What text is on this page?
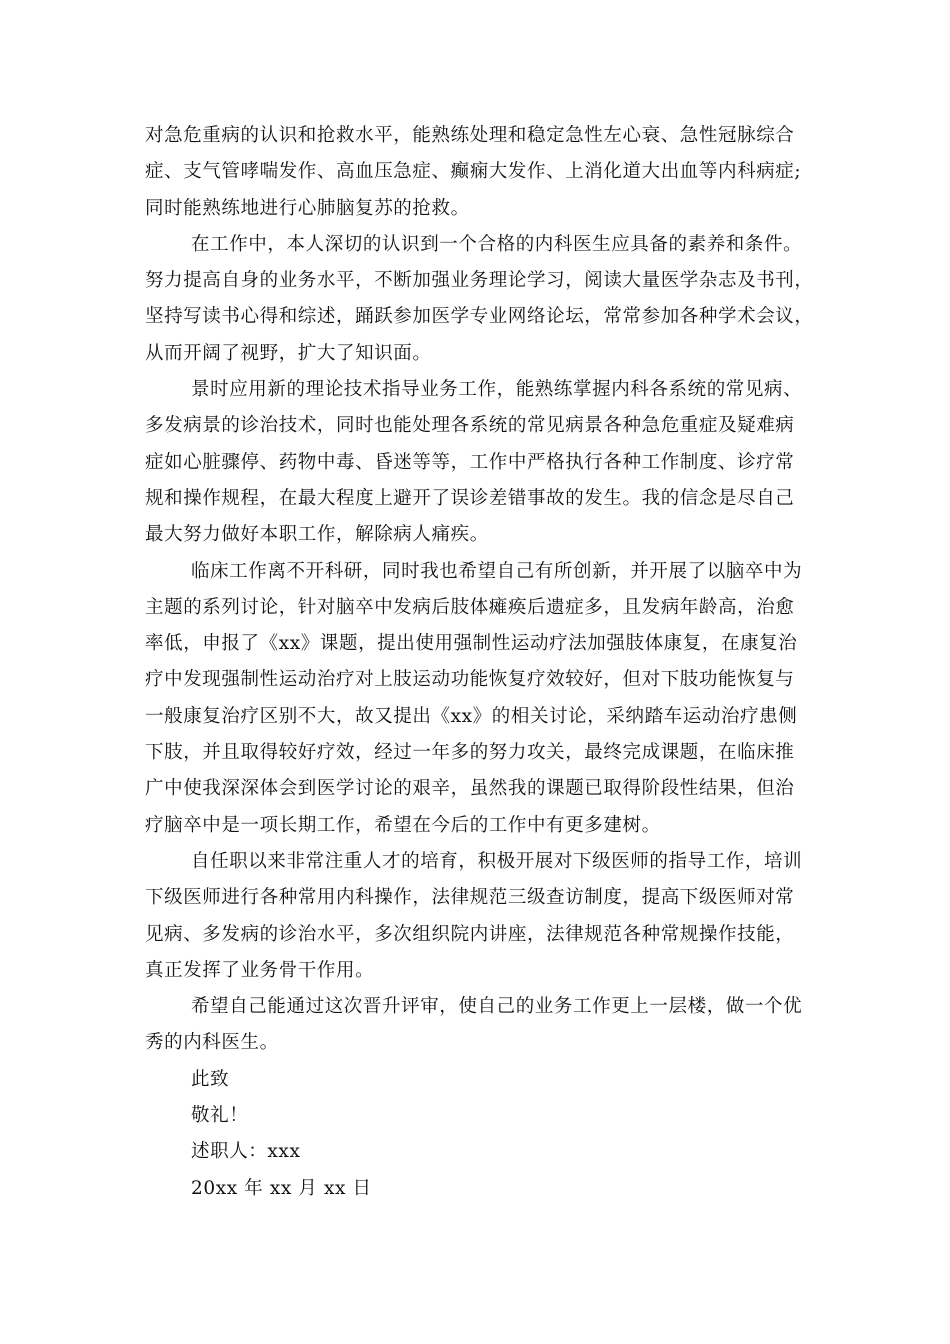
对急危重病的认识和抢救水平，能熟练处理和稳定急性左心衰、急性冠脉综合
症、支气管哮喘发作、高血压急症、癫痫大发作、上消化道大出血等内科病症;
同时能熟练地进行心肺脑复苏的抢救。
在工作中，本人深切的认识到一个合格的内科医生应具备的素养和条件。
努力提高自身的业务水平，不断加强业务理论学习，阅读大量医学杂志及书刊，
坚持写读书心得和综述，踊跃参加医学专业网络论坛，常常参加各种学术会议，
从而开阔了视野，扩大了知识面。
景时应用新的理论技术指导业务工作，能熟练掌握内科各系统的常见病、
多发病景的诊治技术，同时也能处理各系统的常见病景各种急危重症及疑难病
症如心脏骤停、药物中毒、昏迷等等，工作中严格执行各种工作制度、诊疗常
规和操作规程，在最大程度上避开了误诊差错事故的发生。我的信念是尽自己
最大努力做好本职工作，解除病人痛疾。
临床工作离不开科研，同时我也希望自己有所创新，并开展了以脑卒中为
主题的系列讨论，针对脑卒中发病后肢体瘫痪后遗症多，且发病年龄高，治愈
率低，申报了《xx》课题，提出使用强制性运动疗法加强肢体康复，在康复治
疗中发现强制性运动治疗对上肢运动功能恢复疗效较好，但对下肢功能恢复与
一般康复治疗区别不大，故又提出《xx》的相关讨论，采纳踏车运动治疗患侧
下肢，并且取得较好疗效，经过一年多的努力攻关，最终完成课题，在临床推
广中使我深深体会到医学讨论的艰辛，虽然我的课题已取得阶段性结果，但治
疗脑卒中是一项长期工作，希望在今后的工作中有更多建树。
自任职以来非常注重人才的培育，积极开展对下级医师的指导工作，培训
下级医师进行各种常用内科操作，法律规范三级查访制度，提高下级医师对常
见病、多发病的诊治水平，多次组织院内讲座，法律规范各种常规操作技能，
真正发挥了业务骨干作用。
希望自己能通过这次晋升评审，使自己的业务工作更上一层楼，做一个优
秀的内科医生。
此致
敬礼！
述职人：xxx
20xx 年 xx 月 xx 日
